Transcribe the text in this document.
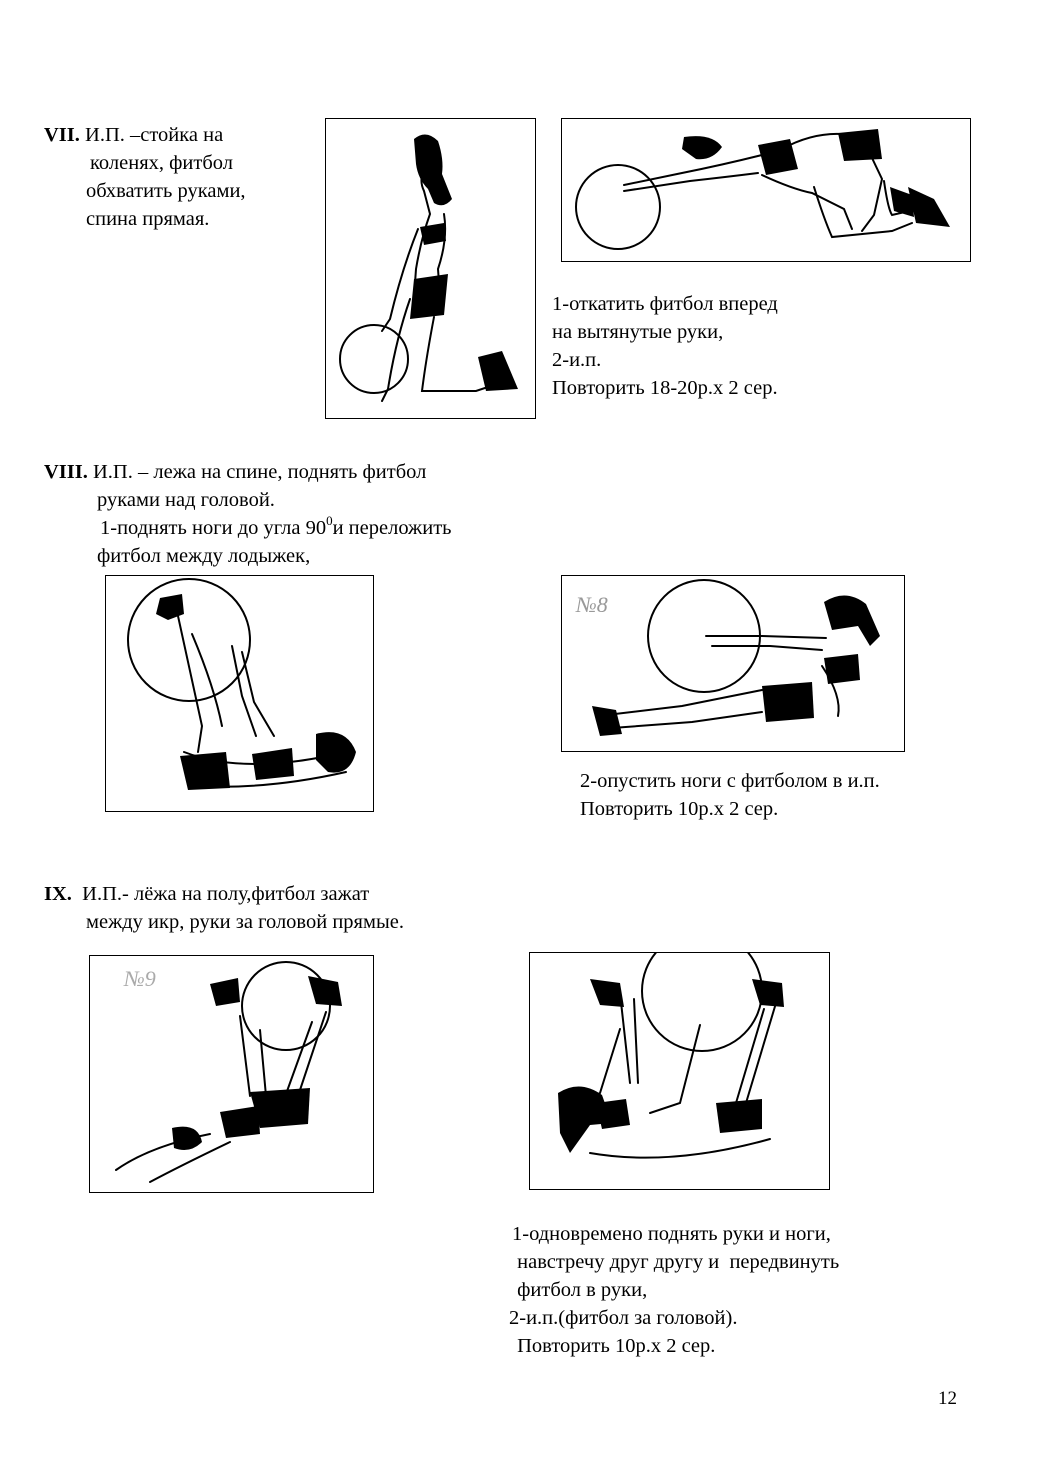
VII. И.П. –стойка на
коленях, фитбол
обхватить руками,
спина прямая.
1-откатить фитбол вперед
на вытянутые руки,
2-и.п.
Повторить 18-20р.х 2 сер.
VIII. И.П. – лежа на спине, поднять фитбол
руками над головой.
1-поднять ноги до угла $90^0и$ переложить
фитбол между лодыжек,
№8
2-опустить ноги с фитболом в и.п.
Повторить 10р.х 2 сер.
IX. И.П.- лёжа на полу,фитбол зажат
между икр, руки за головой прямые.
№9
1-одновремено поднять руки и ноги,
навстречу друг другу и  передвинуть
фитбол в руки,
2-и.п.(фитбол за головой).
Повторить 10р.х 2 сер.
12
